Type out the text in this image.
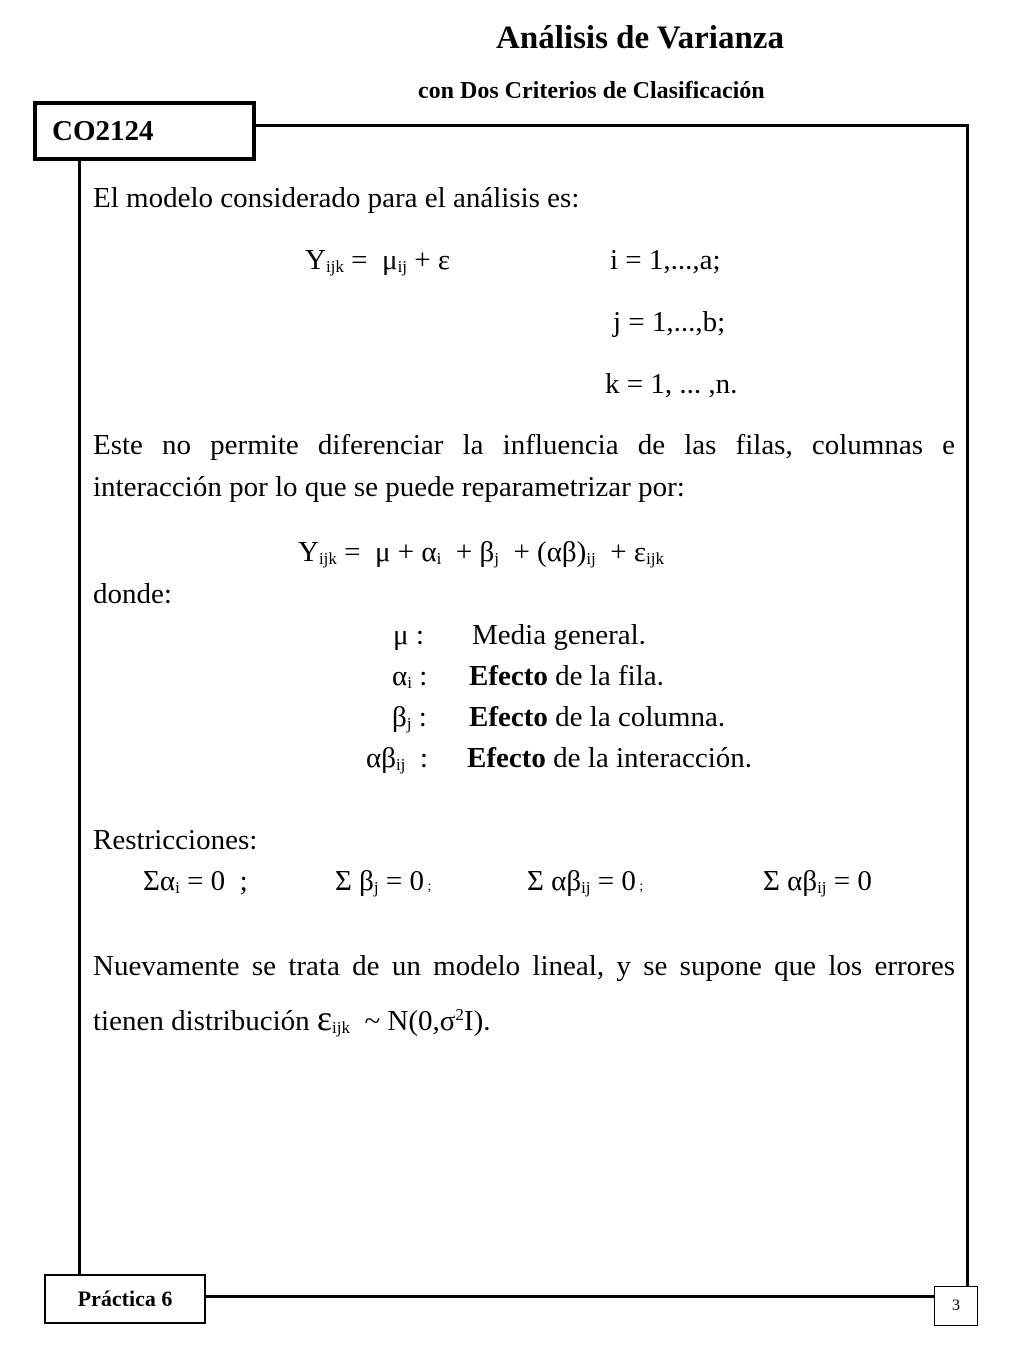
Análisis de Varianza
con Dos Criterios de Clasificación
CO2124
El modelo considerado para el análisis es:
Yijk =  μij + ε	i = 1,...,a;
j = 1,...,b;
k = 1, ... ,n.
Este no permite diferenciar la influencia de las filas, columnas e interacción por lo que se puede reparametrizar por:
Yijk =  μ + αi  + βj  + (αβ)ij  + εijk
donde:
μ : Media general.
αi : Efecto de la fila.
βj : Efecto de la columna.
αβij  : Efecto de la interacción.
Restricciones:
Σαi = 0  ;	Σ βj = 0 ;	Σ αβij = 0 ;	Σ αβij = 0
Nuevamente se trata de un modelo lineal, y se supone que los errores tienen distribución εijk  ~ $N(0,\sigma^2I)$.
Práctica 6	3
